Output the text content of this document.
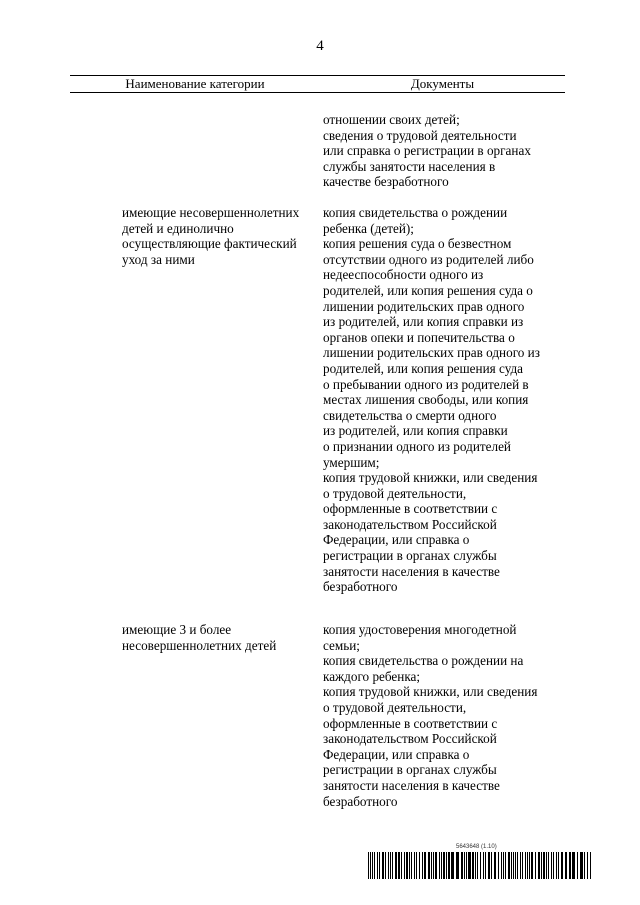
4
Наименование категории	Документы
отношении своих детей;
сведения о трудовой деятельности
или справка о регистрации в органах
службы занятости населения в
качестве безработного
имеющие несовершеннолетних
детей и единолично
осуществляющие фактический
уход за ними
копия свидетельства о рождении
ребенка (детей);
копия решения суда о безвестном
отсутствии одного из родителей либо
недееспособности одного из
родителей, или копия решения суда о
лишении родительских прав одного
из родителей, или копия справки из
органов опеки и попечительства о
лишении родительских прав одного из
родителей, или копия решения суда
о пребывании одного из родителей в
местах лишения свободы, или копия
свидетельства о смерти одного
из родителей, или копия справки
о признании одного из родителей
умершим;
копия трудовой книжки, или сведения
о трудовой деятельности,
оформленные в соответствии с
законодательством Российской
Федерации, или справка о
регистрации в органах службы
занятости населения в качестве
безработного
имеющие 3 и более
несовершеннолетних детей
копия удостоверения многодетной
семьи;
копия свидетельства о рождении на
каждого ребенка;
копия трудовой книжки, или сведения
о трудовой деятельности,
оформленные в соответствии с
законодательством Российской
Федерации, или справка о
регистрации в органах службы
занятости населения в качестве
безработного
5643648 (1.10)
